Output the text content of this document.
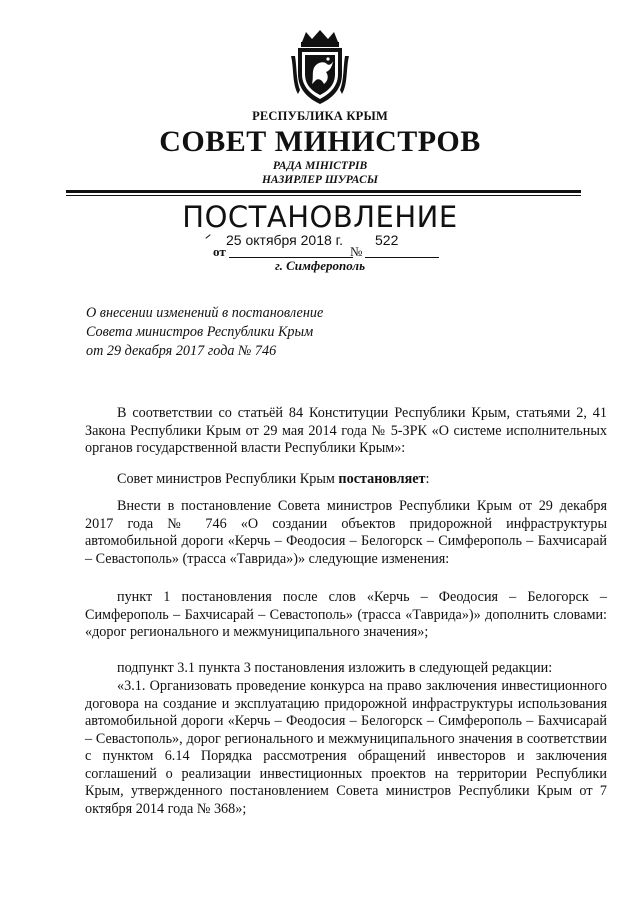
РЕСПУБЛИКА КРЫМ
СОВЕТ МИНИСТРОВ
РАДА МІНІСТРІВ
НАЗИРЛЕР ШУРАСЫ
ПОСТАНОВЛЕНИЕ
25 октября 2018 г. 522
от	№
г. Симферополь
О внесении изменений в постановление
Совета министров Республики Крым
от 29 декабря 2017 года № 746

В соответствии со статьёй 84 Конституции Республики Крым, статьями 2, 41 Закона Республики Крым от 29 мая 2014 года № 5-ЗРК «О системе исполнительных органов государственной власти Республики Крым»:

Совет министров Республики Крым постановляет:

Внести в постановление Совета министров Республики Крым от 29 декабря 2017 года № 746 «О создании объектов придорожной инфраструктуры автомобильной дороги «Керчь – Феодосия – Белогорск – Симферополь – Бахчисарай – Севастополь» (трасса «Таврида»)» следующие изменения:

пункт 1 постановления после слов «Керчь – Феодосия – Белогорск – Симферополь – Бахчисарай – Севастополь» (трасса «Таврида»)» дополнить словами: «дорог регионального и межмуниципального значения»;

подпункт 3.1 пункта 3 постановления изложить в следующей редакции:

«3.1. Организовать проведение конкурса на право заключения инвестиционного договора на создание и эксплуатацию придорожной инфраструктуры использования автомобильной дороги «Керчь – Феодосия – Белогорск – Симферополь – Бахчисарай – Севастополь», дорог регионального и межмуниципального значения в соответствии с пунктом 6.14 Порядка рассмотрения обращений инвесторов и заключения соглашений о реализации инвестиционных проектов на территории Республики Крым, утвержденного постановлением Совета министров Республики Крым от 7 октября 2014 года № 368»;
